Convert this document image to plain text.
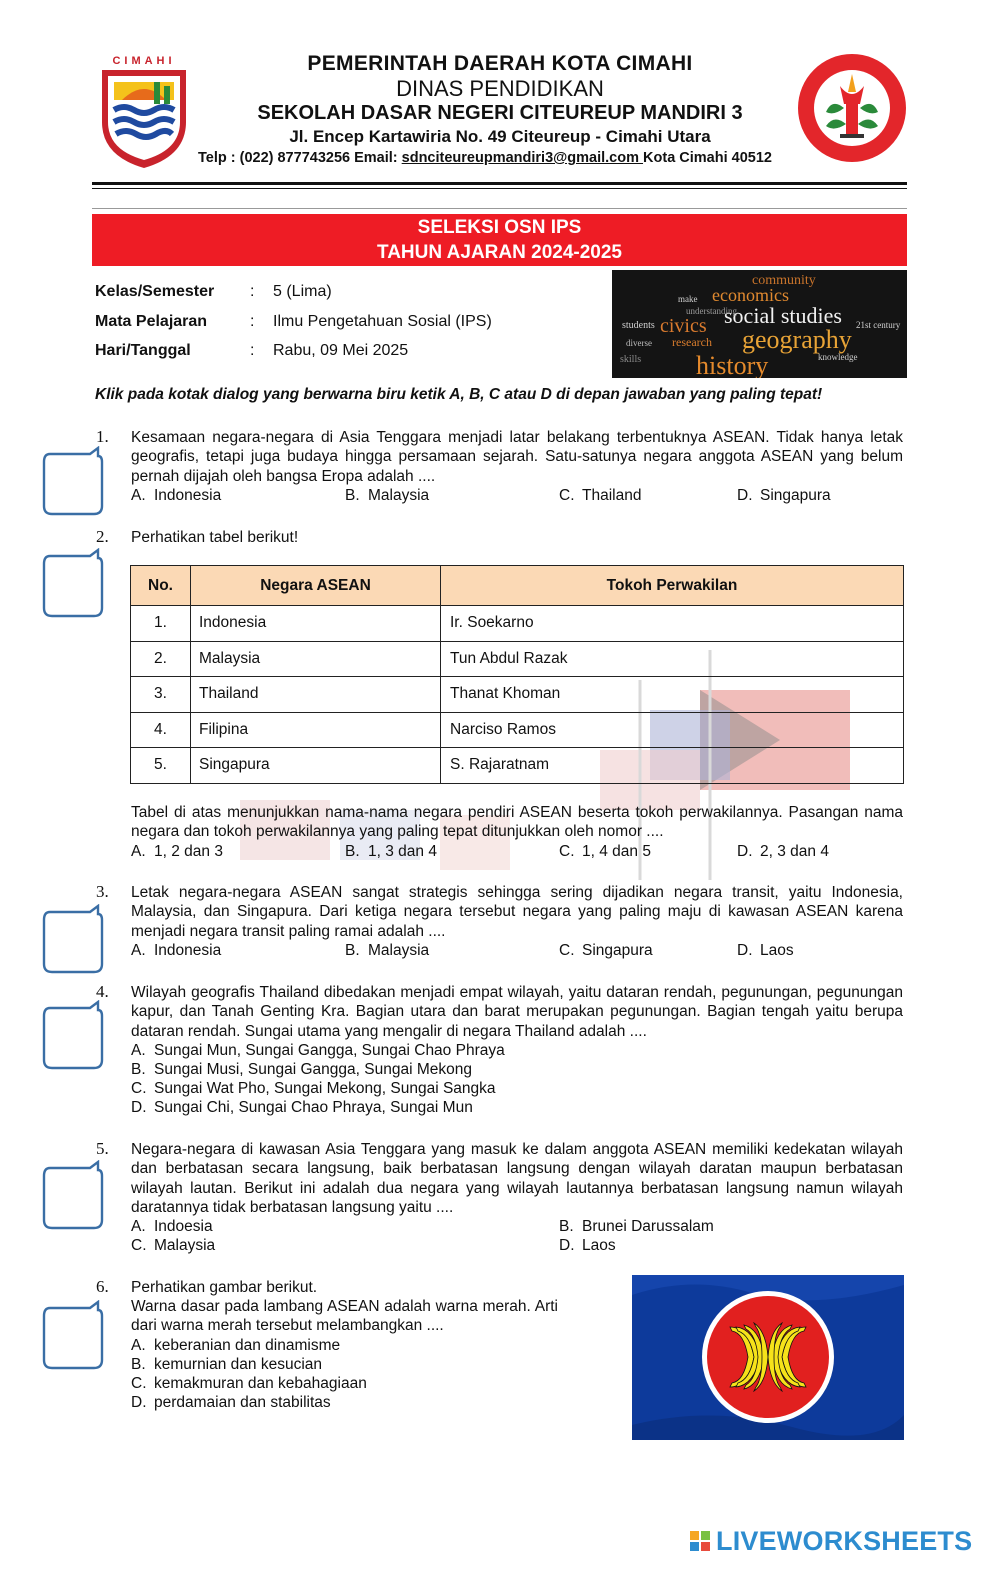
CIMAHI	PEMERINTAH DAERAH KOTA CIMAHI
DINAS PENDIDIKAN
SEKOLAH DASAR NEGERI CITEUREUP MANDIRI 3
Jl. Encep Kartawiria No. 49 Citeureup - Cimahi Utara
Telp : (022) 877743256 Email: sdnciteureupmandiri3@gmail.com Kota Cimahi 40512
SELEKSI OSN IPS
TAHUN AJARAN 2024-2025
Kelas/Semester : 5 (Lima)
Mata Pelajaran	: Ilmu Pengetahuan Sosial (IPS)
Hari/Tanggal	: Rabu, 09 Mei 2025
community
economics
social studies
civics geography
history
research
skills
students
make
understanding
21st century
knowledge
diverse
Klik pada kotak dialog yang berwarna biru ketik A, B, C atau D di depan jawaban yang paling tepat!
1. Kesamaan negara-negara di Asia Tenggara menjadi latar belakang terbentuknya ASEAN. Tidak hanya letak geografis, tetapi juga budaya hingga persamaan sejarah. Satu-satunya negara anggota ASEAN yang belum pernah dijajah oleh bangsa Eropa adalah ....
A. Indonesia	B. Malaysia	C. Thailand	D. Singapura
2. Perhatikan tabel berikut!
No.	Negara ASEAN	Tokoh Perwakilan
1.	Indonesia	Ir. Soekarno
2.	Malaysia	Tun Abdul Razak
3.	Thailand	Thanat Khoman
4.	Filipina	Narciso Ramos
5.	Singapura	S. Rajaratnam
Tabel di atas menunjukkan nama-nama negara pendiri ASEAN beserta tokoh perwakilannya. Pasangan nama negara dan tokoh perwakilannya yang paling tepat ditunjukkan oleh nomor ....
A. 1, 2 dan 3	B. 1, 3 dan 4	C. 1, 4 dan 5	D. 2, 3 dan 4
3. Letak negara-negara ASEAN sangat strategis sehingga sering dijadikan negara transit, yaitu Indonesia, Malaysia, dan Singapura. Dari ketiga negara tersebut negara yang paling maju di kawasan ASEAN karena menjadi negara transit paling ramai adalah ....
A. Indonesia	B. Malaysia	C. Singapura	D. Laos
4. Wilayah geografis Thailand dibedakan menjadi empat wilayah, yaitu dataran rendah, pegunungan, pegunungan kapur, dan Tanah Genting Kra. Bagian utara dan barat merupakan pegunungan. Bagian tengah yaitu berupa dataran rendah. Sungai utama yang mengalir di negara Thailand adalah ....
A. Sungai Mun, Sungai Gangga, Sungai Chao Phraya
B. Sungai Musi, Sungai Gangga, Sungai Mekong
C. Sungai Wat Pho, Sungai Mekong, Sungai Sangka
D. Sungai Chi, Sungai Chao Phraya, Sungai Mun
5. Negara-negara di kawasan Asia Tenggara yang masuk ke dalam anggota ASEAN memiliki kedekatan wilayah dan berbatasan secara langsung, baik berbatasan langsung dengan wilayah daratan maupun berbatasan wilayah lautan. Berikut ini adalah dua negara yang wilayah lautannya berbatasan langsung namun wilayah daratannya tidak berbatasan langsung yaitu ....
A. Indoesia	B. Brunei Darussalam
C. Malaysia	D. Laos
6. Perhatikan gambar berikut.
Warna dasar pada lambang ASEAN adalah warna merah. Arti dari warna merah tersebut melambangkan ....
A. keberanian dan dinamisme
B. kemurnian dan kesucian
C. kemakmuran dan kebahagiaan
D. perdamaian dan stabilitas
LIVEWORKSHEETS
